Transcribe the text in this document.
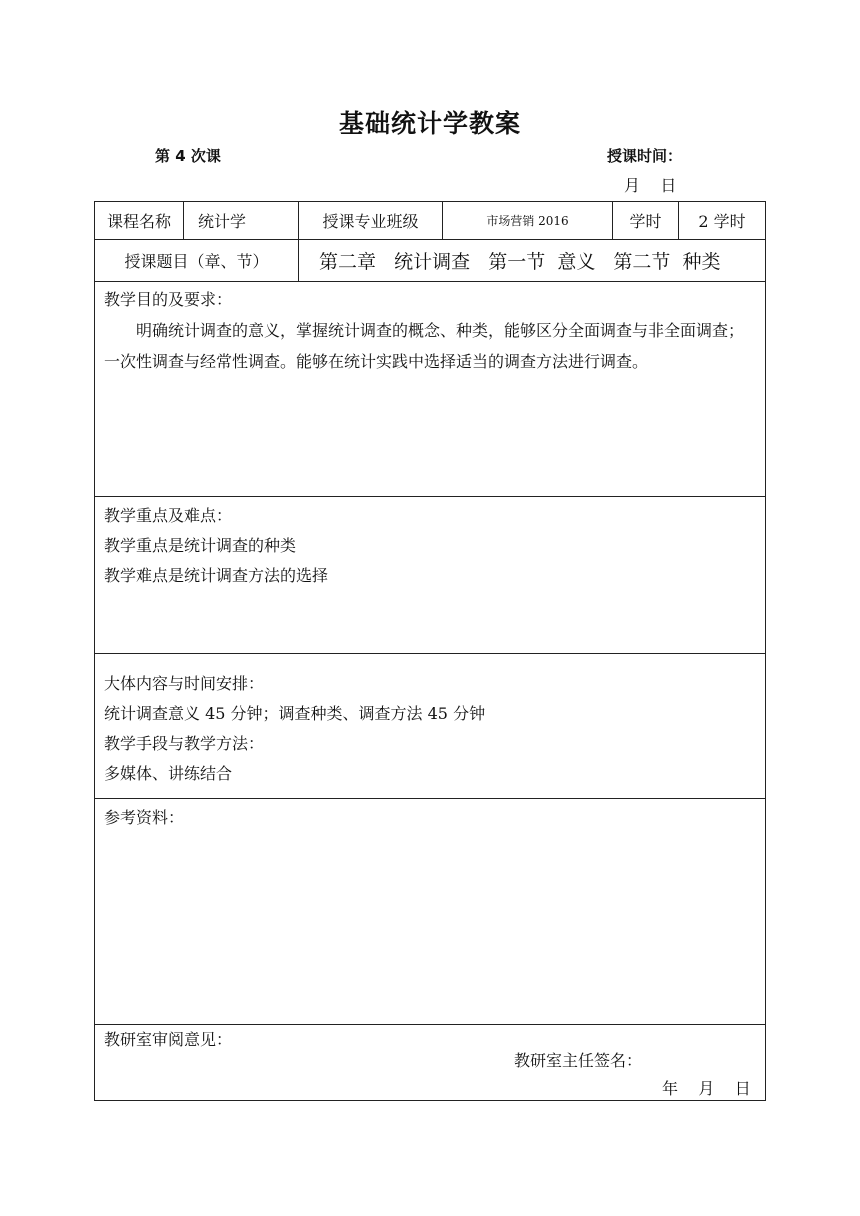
基础统计学教案
第 4 次课	授课时间：
月    日
课程名称	统计学	授课专业班级	市场营销 2016	学时	2 学时
授课题目（章、节）	第二章   统计调查   第一节  意义   第二节  种类
教学目的及要求：
明确统计调查的意义，掌握统计调查的概念、种类，能够区分全面调查与非全面调查；一次性调查与经常性调查。能够在统计实践中选择适当的调查方法进行调查。
教学重点及难点：
教学重点是统计调查的种类
教学难点是统计调查方法的选择
大体内容与时间安排：
统计调查意义 45 分钟；调查种类、调查方法 45 分钟
教学手段与教学方法：
多媒体、讲练结合
参考资料：
教研室审阅意见：
教研室主任签名：
年    月    日
